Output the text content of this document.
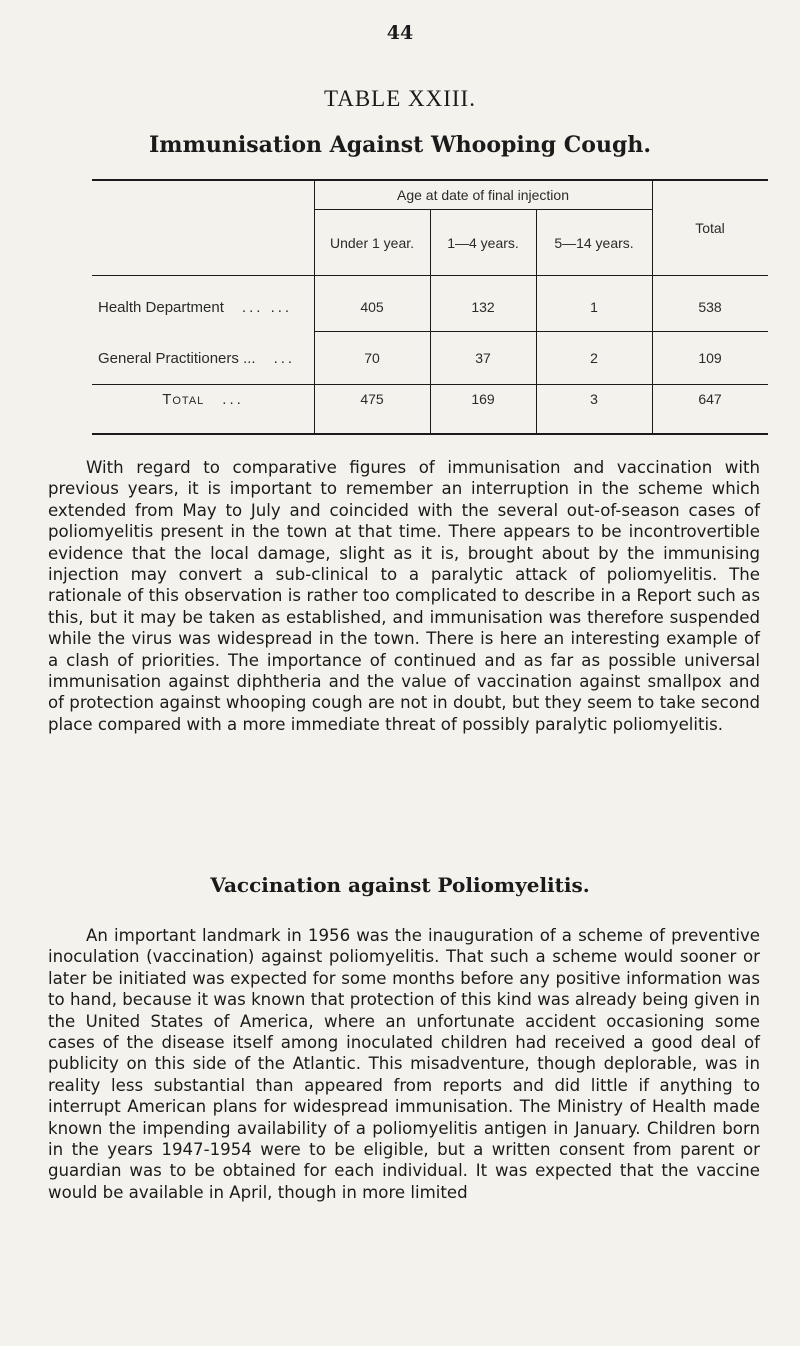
44
TABLE XXIII.
Immunisation Against Whooping Cough.
Age at date of final injection
Under 1 year.	1—4 years.	5—14 years.
Total
Health Department ... ...	405	132	1	538
General Practitioners ... ...	70	37	2	109
Total ...	475	169	3	647

With regard to comparative figures of immunisation and vaccination with previous years, it is important to remember an interruption in the scheme which extended from May to July and coincided with the several out-of-season cases of poliomyelitis present in the town at that time. There appears to be incontrovertible evidence that the local damage, slight as it is, brought about by the immunising injection may convert a sub-clinical to a paralytic attack of poliomyelitis. The rationale of this observation is rather too complicated to describe in a Report such as this, but it may be taken as established, and immunisation was therefore suspended while the virus was widespread in the town. There is here an interesting example of a clash of priorities. The importance of continued and as far as possible universal immunisation against diphtheria and the value of vaccination against smallpox and of protection against whooping cough are not in doubt, but they seem to take second place compared with a more immediate threat of possibly paralytic poliomyelitis.

Vaccination against Poliomyelitis.

An important landmark in 1956 was the inauguration of a scheme of preventive inoculation (vaccination) against poliomyelitis. That such a scheme would sooner or later be initiated was expected for some months before any positive information was to hand, because it was known that protection of this kind was already being given in the United States of America, where an unfortunate accident occasioning some cases of the disease itself among inoculated children had received a good deal of publicity on this side of the Atlantic. This misadventure, though deplorable, was in reality less substantial than appeared from reports and did little if anything to interrupt American plans for widespread immunisation. The Ministry of Health made known the impending availability of a poliomyelitis antigen in January. Children born in the years 1947-1954 were to be eligible, but a written consent from parent or guardian was to be obtained for each individual. It was expected that the vaccine would be available in April, though in more limited
